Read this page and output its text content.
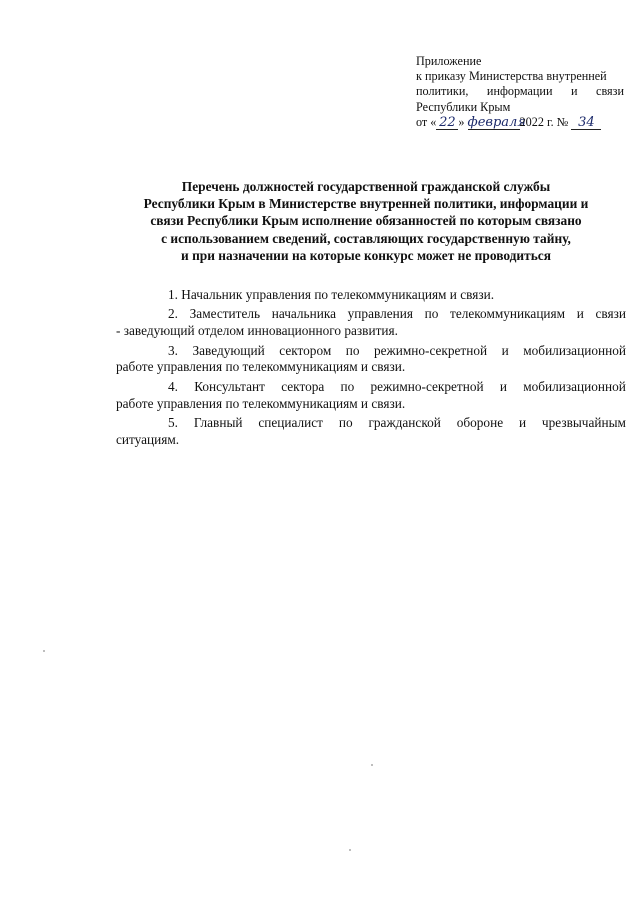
Приложение
к приказу Министерства внутренней
политики, информации и связи
Республики Крым
от « 22 » февраля2022 г. № 34
Перечень должностей государственной гражданской службы
Республики Крым в Министерстве внутренней политики, информации и
связи Республики Крым исполнение обязанностей по которым связано
с использованием сведений, составляющих государственную тайну,
и при назначении на которые конкурс может не проводиться
1. Начальник управления по телекоммуникациям и связи.
2. Заместитель начальника управления по телекоммуникациям и связи
- заведующий отделом инновационного развития.
3. Заведующий сектором по режимно-секретной и мобилизационной
работе управления по телекоммуникациям и связи.
4. Консультант сектора по режимно-секретной и мобилизационной
работе управления по телекоммуникациям и связи.
5. Главный специалист по гражданской обороне и чрезвычайным
ситуациям.
